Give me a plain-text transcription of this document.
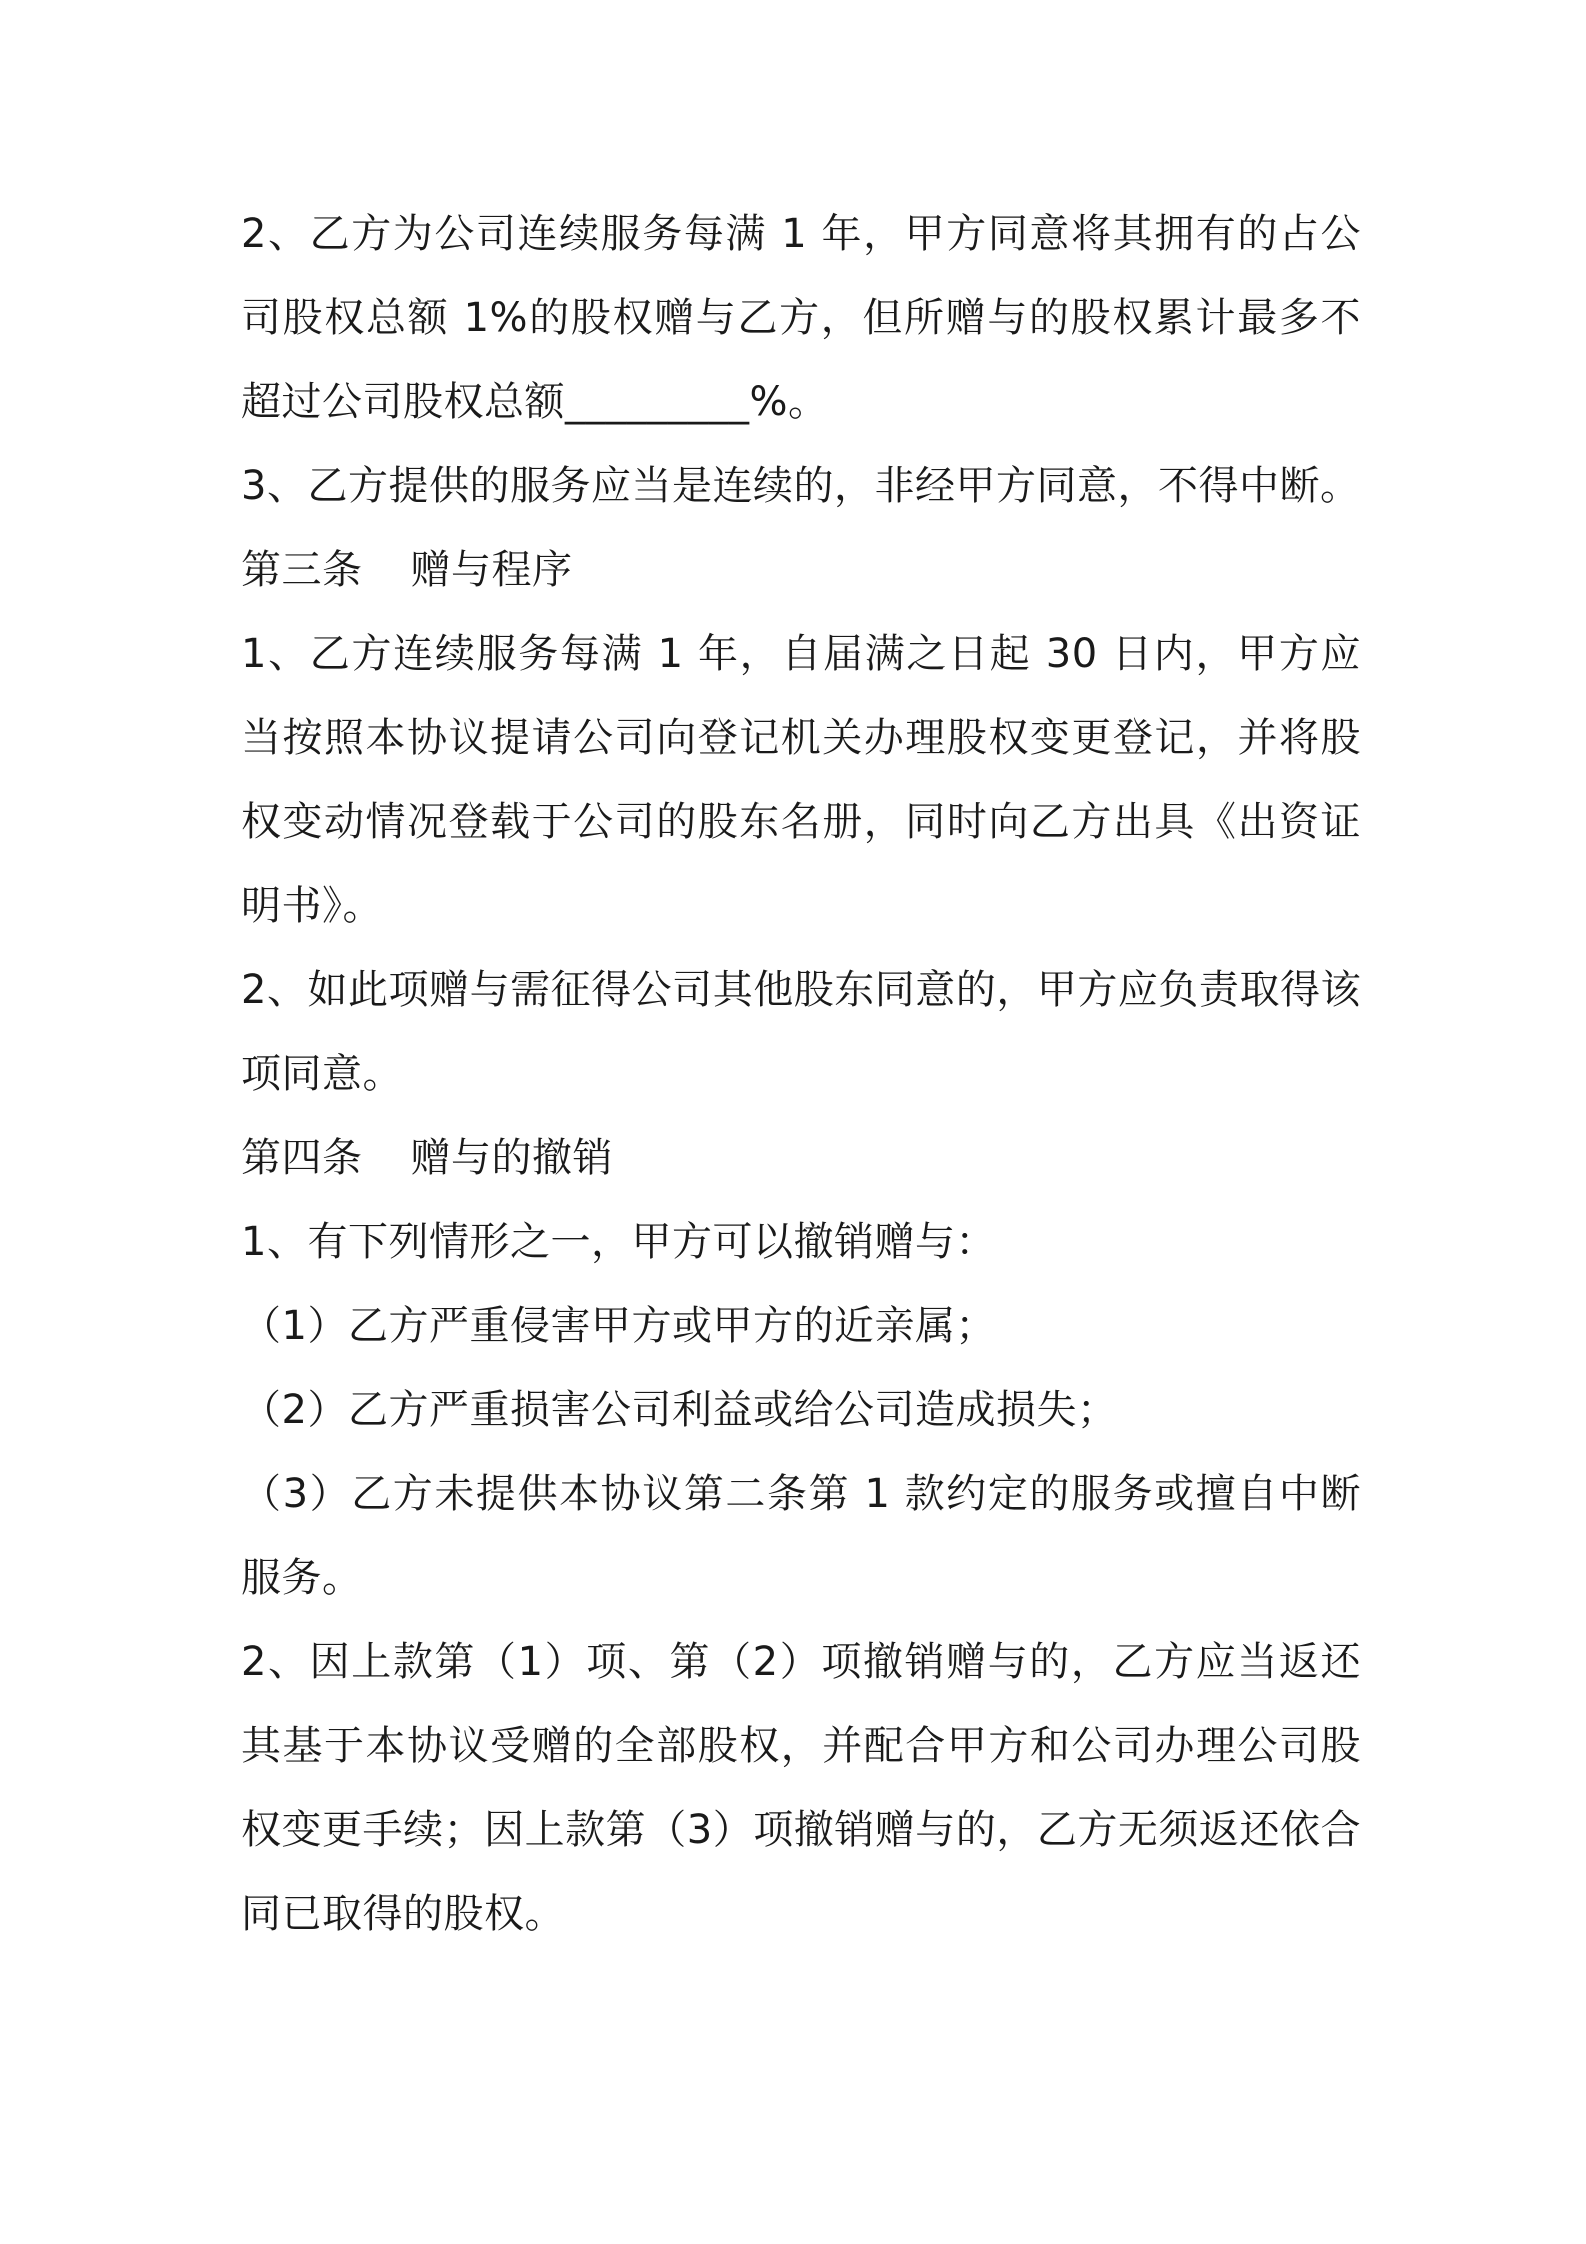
2、乙方为公司连续服务每满 1 年，甲方同意将其拥有的占公司股权总额 1%的股权赠与乙方，但所赠与的股权累计最多不超过公司股权总额_________%。

3、乙方提供的服务应当是连续的，非经甲方同意，不得中断。

第三条 赠与程序

1、乙方连续服务每满 1 年，自届满之日起 30 日内，甲方应当按照本协议提请公司向登记机关办理股权变更登记，并将股权变动情况登载于公司的股东名册，同时向乙方出具《出资证明书》。

2、如此项赠与需征得公司其他股东同意的，甲方应负责取得该项同意。

第四条 赠与的撤销

1、有下列情形之一，甲方可以撤销赠与：

（1）乙方严重侵害甲方或甲方的近亲属；

（2）乙方严重损害公司利益或给公司造成损失；

（3）乙方未提供本协议第二条第 1 款约定的服务或擅自中断服务。

2、因上款第（1）项、第（2）项撤销赠与的，乙方应当返还其基于本协议受赠的全部股权，并配合甲方和公司办理公司股权变更手续；因上款第（3）项撤销赠与的，乙方无须返还依合同已取得的股权。
